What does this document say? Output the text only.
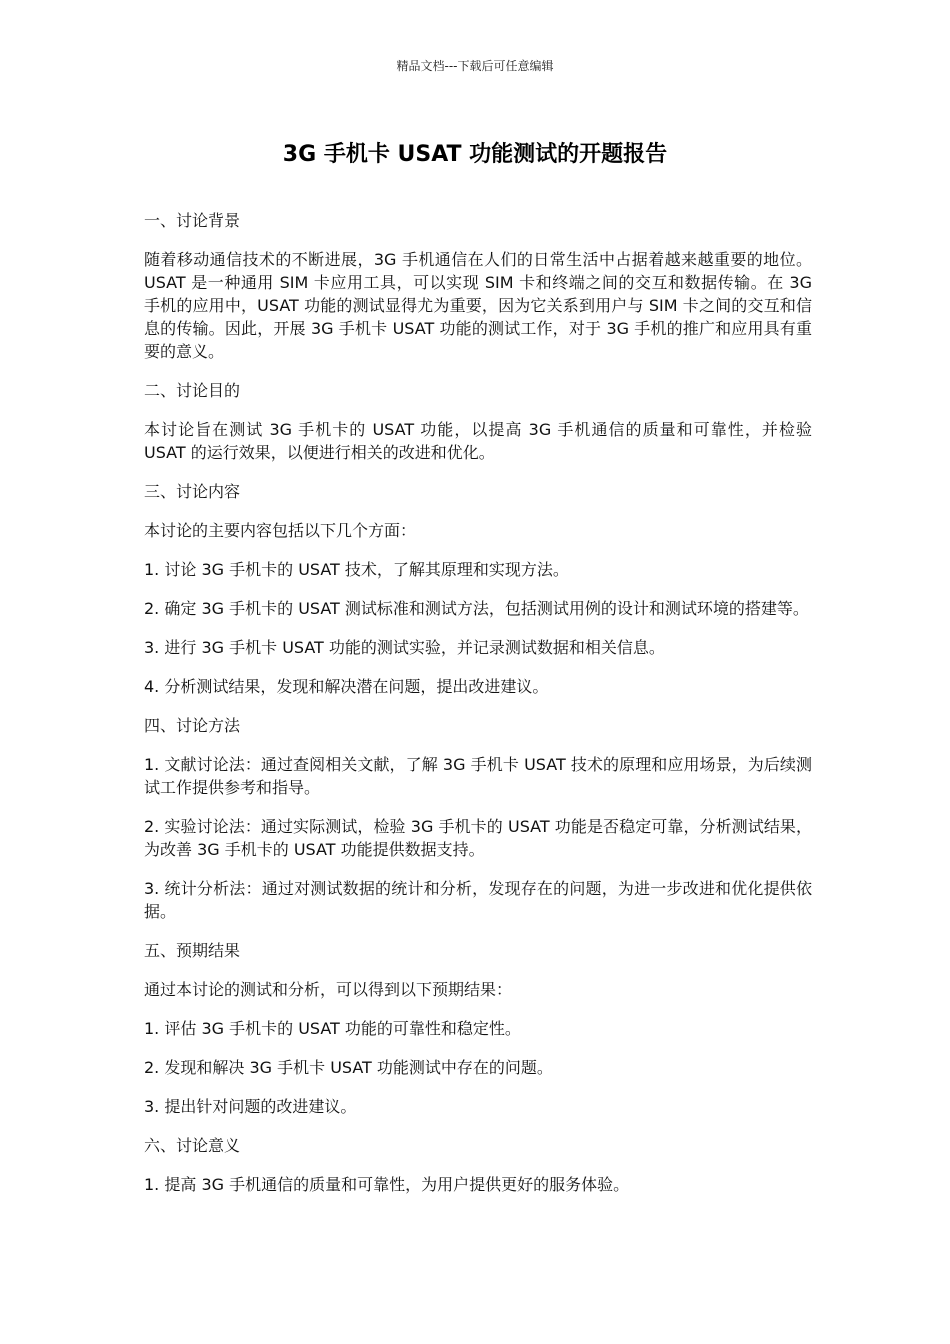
精品文档---下载后可任意编辑
3G 手机卡 USAT 功能测试的开题报告

一、讨论背景

随着移动通信技术的不断进展，3G 手机通信在人们的日常生活中占据着越来越重要的地位。USAT 是一种通用 SIM 卡应用工具，可以实现 SIM 卡和终端之间的交互和数据传输。在 3G 手机的应用中，USAT 功能的测试显得尤为重要，因为它关系到用户与 SIM 卡之间的交互和信息的传输。因此，开展 3G 手机卡 USAT 功能的测试工作，对于 3G 手机的推广和应用具有重要的意义。

二、讨论目的

本讨论旨在测试 3G 手机卡的 USAT 功能，以提高 3G 手机通信的质量和可靠性，并检验 USAT 的运行效果，以便进行相关的改进和优化。

三、讨论内容

本讨论的主要内容包括以下几个方面：

1. 讨论 3G 手机卡的 USAT 技术，了解其原理和实现方法。

2. 确定 3G 手机卡的 USAT 测试标准和测试方法，包括测试用例的设计和测试环境的搭建等。

3. 进行 3G 手机卡 USAT 功能的测试实验，并记录测试数据和相关信息。

4. 分析测试结果，发现和解决潜在问题，提出改进建议。

四、讨论方法

1. 文献讨论法：通过查阅相关文献，了解 3G 手机卡 USAT 技术的原理和应用场景，为后续测试工作提供参考和指导。

2. 实验讨论法：通过实际测试，检验 3G 手机卡的 USAT 功能是否稳定可靠，分析测试结果，为改善 3G 手机卡的 USAT 功能提供数据支持。

3. 统计分析法：通过对测试数据的统计和分析，发现存在的问题，为进一步改进和优化提供依据。

五、预期结果

通过本讨论的测试和分析，可以得到以下预期结果：

1. 评估 3G 手机卡的 USAT 功能的可靠性和稳定性。

2. 发现和解决 3G 手机卡 USAT 功能测试中存在的问题。

3. 提出针对问题的改进建议。

六、讨论意义

1. 提高 3G 手机通信的质量和可靠性，为用户提供更好的服务体验。
